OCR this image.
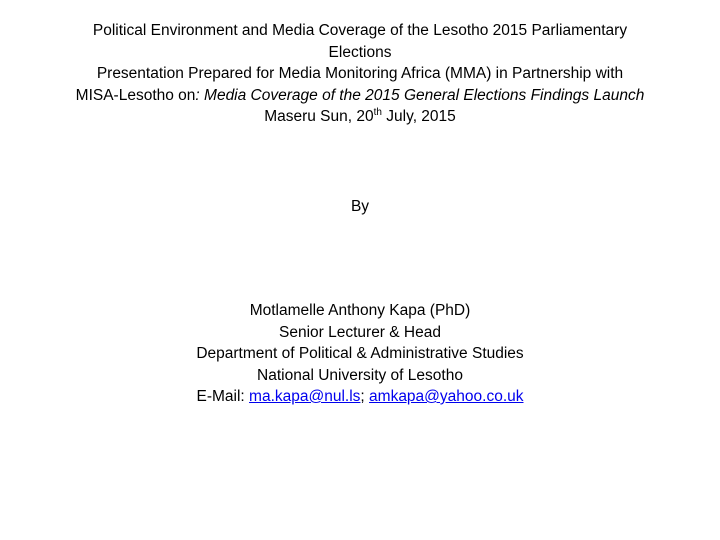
Political Environment and Media Coverage of the Lesotho 2015 Parliamentary
Elections
Presentation Prepared for Media Monitoring Africa (MMA) in Partnership with
MISA-Lesotho on: Media Coverage of the 2015 General Elections Findings Launch
Maseru Sun, 20th July, 2015
By
Motlamelle Anthony Kapa (PhD)
Senior Lecturer & Head
Department of Political & Administrative Studies
National University of Lesotho
E-Mail: ma.kapa@nul.ls; amkapa@yahoo.co.uk
